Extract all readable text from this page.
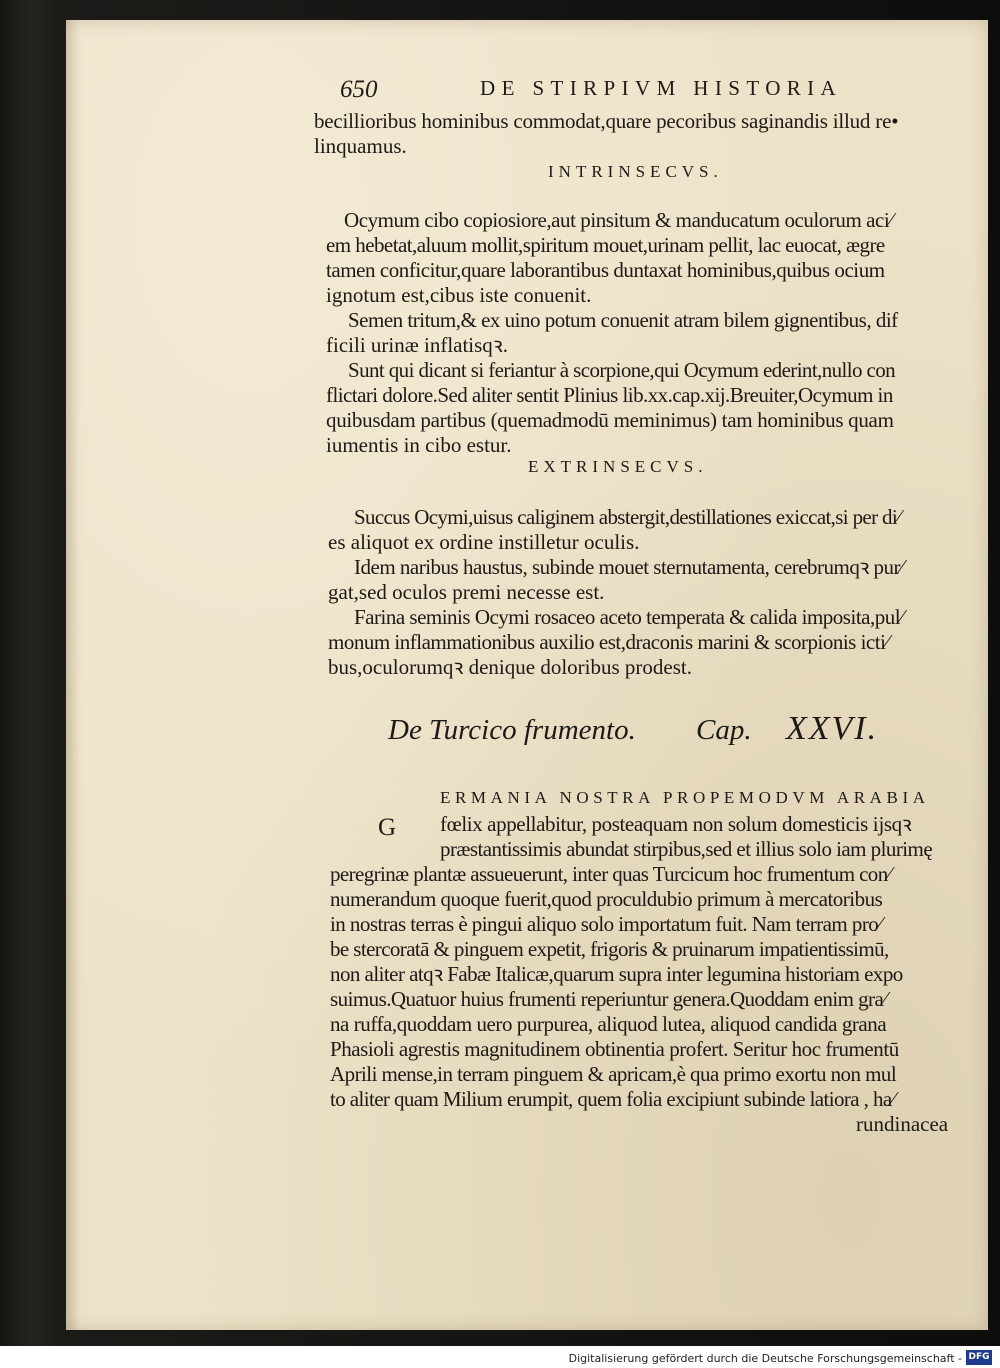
650	DE STIRPIVM HISTORIA
becillioribus hominibus commodat,quare pecoribus saginandis illud re•
linquamus.
INTRINSECVS.
Ocymum cibo copiosiore,aut pinsitum & manducatum oculorum aci⁄
em hebetat,aluum mollit,spiritum mouet,urinam pellit, lac euocat, ægre
tamen conficitur,quare laborantibus duntaxat hominibus,quibus ocium
ignotum est,cibus iste conuenit.
Semen tritum,& ex uino potum conuenit atram bilem gignentibus, dif
ficili urinæ inflatisqꝛ.
Sunt qui dicant si feriantur à scorpione,qui Ocymum ederint,nullo con
flictari dolore.Sed aliter sentit Plinius lib.xx.cap.xij.Breuiter,Ocymum in
quibusdam partibus (quemadmodū meminimus) tam hominibus quam
iumentis in cibo estur.
EXTRINSECVS.
Succus Ocymi,uisus caliginem abstergit,destillationes exiccat,si per di⁄
es aliquot ex ordine instilletur oculis.
Idem naribus haustus, subinde mouet sternutamenta, cerebrumqꝛ pur⁄
gat,sed oculos premi necesse est.
Farina seminis Ocymi rosaceo aceto temperata & calida imposita,pul⁄
monum inflammationibus auxilio est,draconis marini & scorpionis icti⁄
bus,oculorumqꝛ denique doloribus prodest.
De Turcico frumento. Cap. XXVI.
ERMANIA NOSTRA PROPEMODVM ARABIA
G fœlix appellabitur, posteaquam non solum domesticis ĳsqꝛ
præstantissimis abundat stirpibus,sed et illius solo iam plurimę
peregrinæ plantæ assueuerunt, inter quas Turcicum hoc frumentum con⁄
numerandum quoque fuerit,quod proculdubio primum à mercatoribus
in nostras terras è pingui aliquo solo importatum fuit. Nam terram pro⁄
be stercoratā & pinguem expetit, frigoris & pruinarum impatientissimū,
non aliter atqꝛ Fabæ Italicæ,quarum supra inter legumina historiam expo
suimus.Quatuor huius frumenti reperiuntur genera.Quoddam enim gra⁄
na ruffa,quoddam uero purpurea, aliquod lutea, aliquod candida grana
Phasioli agrestis magnitudinem obtinentia profert. Seritur hoc frumentū
Aprili mense,in terram pinguem & apricam,è qua primo exortu non mul
to aliter quam Milium erumpit, quem folia excipiunt subinde latiora , ha⁄
rundinacea
Digitalisierung gefördert durch die Deutsche Forschungsgemeinschaft - DFG
